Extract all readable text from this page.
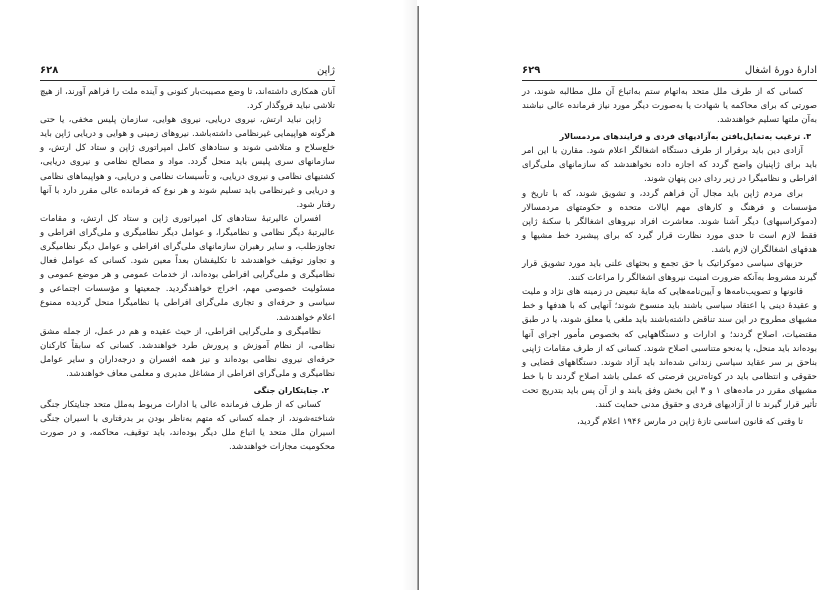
ژاپن
۶۲۸

آنان همکاری داشته‌اند، تا وضع مصیبت‌بار کنونی و آینده ملت را فراهم آورند، از هیچ تلاشی نباید فروگذار کرد.

ژاپن نباید ارتش، نیروی دریایی، نیروی هوایی، سازمان پلیس مخفی، یا حتی هرگونه هواپیمایی غیرنظامی داشته‌باشد. نیروهای زمینی و هوایی و دریایی ژاپن باید خلع‌سلاح و متلاشی شوند و ستادهای کامل امپراتوری ژاپن و ستاد کل ارتش، و سازمانهای سری پلیس باید منحل گردد. مواد و مصالح نظامی و نیروی دریایی، کشتیهای نظامی و نیروی دریایی، و تأسیسات نظامی و دریایی، و هواپیماهای نظامی و دریایی و غیرنظامی باید تسلیم شوند و هر نوع که فرمانده عالی مقرر دارد با آنها رفتار شود.

افسران عالیرتبهٔ ستادهای کل امپراتوری ژاپن و ستاد کل ارتش، و مقامات عالیرتبهٔ دیگر نظامی و نظامیگرا، و عوامل دیگر نظامیگری و ملی‌گرای افراطی و تجاوز‌طلب، و سایر رهبران سازمانهای ملی‌گرای افراطی و عوامل دیگر نظامیگری و تجاوز توقیف خواهندشد تا تکلیفشان بعداً معین شود. کسانی که عوامل فعال نظامیگری و ملی‌گرایی افراطی بوده‌اند، از خدمات عمومی و هر موضع عمومی و مسئولیت خصوصی مهم، اخراج خواهندگردید. جمعیتها و مؤسسات اجتماعی و سیاسی و حرفه‌ای و تجاری ملی‌گرای افراطی یا نظامیگرا منحل گردیده ممنوع اعلام خواهندشد.

نظامیگری و ملی‌گرایی افراطی، از حیث عقیده و هم در عمل، از جمله مشق نظامی، از نظام آموزش و پرورش طرد خواهندشد. کسانی که سابقاً کارکنان حرفه‌ای نیروی نظامی بوده‌اند و نیز همه افسران و درجه‌داران و سایر عوامل نظامیگری و ملی‌گرای افراطی از مشاغل مدیری و معلمی معاف خواهندشد.

۲. جنایتکاران جنگی

کسانی که از طرف فرمانده عالی یا ادارات مربوط به‌ملل متحد جنایتکار جنگی شناخته‌شوند، از جمله کسانی که متهم به‌ناظر بودن بر بدرفتاری با اسیران جنگی اسیران ملل متحد یا اتباع ملل دیگر بوده‌اند، باید توقیف، محاکمه، و در صورت محکومیت مجازات خواهندشد.

ادارهٔ دورهٔ اشغال
۶۲۹

کسانی که از طرف ملل متحد به‌اتهام ستم به‌اتباع آن ملل مطالبه شوند، در صورتی که برای محاکمه یا شهادت یا به‌صورت دیگر مورد نیاز فرمانده عالی نباشند به‌آن ملتها تسلیم خواهندشد.

۳. ترغیب به‌تمایل‌یافتن به‌آزادیهای فردی و فرایندهای مردمسالار

آزادی دین باید برقرار از طرف دستگاه اشغالگر اعلام شود. مقارن با این امر باید برای ژاپنیان واضح گردد که اجازه داده نخواهندشد که سازمانهای ملی‌گرای افراطی و نظامیگرا در زیر ردای دین پنهان شوند.

برای مردم ژاپن باید مجال آن فراهم گردد، و تشویق شوند، که با تاریخ و مؤسسات و فرهنگ و کارهای مهم ایالات متحده و حکومتهای مردمسالار (دموکراسیهای) دیگر آشنا شوند. معاشرت افراد نیروهای اشغالگر با سکنهٔ ژاپن فقط لازم است تا حدی مورد نظارت قرار گیرد که برای پیشبرد خط مشیها و هدفهای اشغالگران لازم باشد.

حزبهای سیاسی دموکراتیک با حق تجمع و بحثهای علنی باید مورد تشویق قرار گیرند مشروط به‌آنکه ضرورت امنیت نیروهای اشغالگر را مراعات کنند.

قانونها و تصویب‌نامه‌ها و آیین‌نامه‌هایی که مایهٔ تبعیض در زمینه های نژاد و ملیت و عقیدهٔ دینی یا اعتقاد سیاسی باشند باید منسوخ شوند؛ آنهایی که با هدفها و خط مشیهای مطروح در این سند تناقض داشته‌باشند باید ملغی یا معلق شوند، یا در طبق مقتضیات، اصلاح گردند؛ و ادارات و دستگاههایی که بخصوص مأمور اجرای آنها بوده‌اند باید منحل، یا به‌نحو متناسبی اصلاح شوند. کسانی که از طرف مقامات ژاپنی بناحق بر سر عقاید سیاسی زندانی شده‌اند باید آزاد شوند. دستگاههای قضایی و حقوقی و انتظامی باید در کوتاه‌ترین فرصتی که عملی باشد اصلاح گردند تا با خط مشیهای مقرر در ماده‌های ۱ و ۳ این بخش وفق یابند و از آن پس باید بتدریج تحت تأثیر قرار گیرند تا از آزادیهای فردی و حقوق مدنی حمایت کنند.

تا وقتی که قانون اساسی تازهٔ ژاپن در مارس ۱۹۴۶ اعلام گردید،
